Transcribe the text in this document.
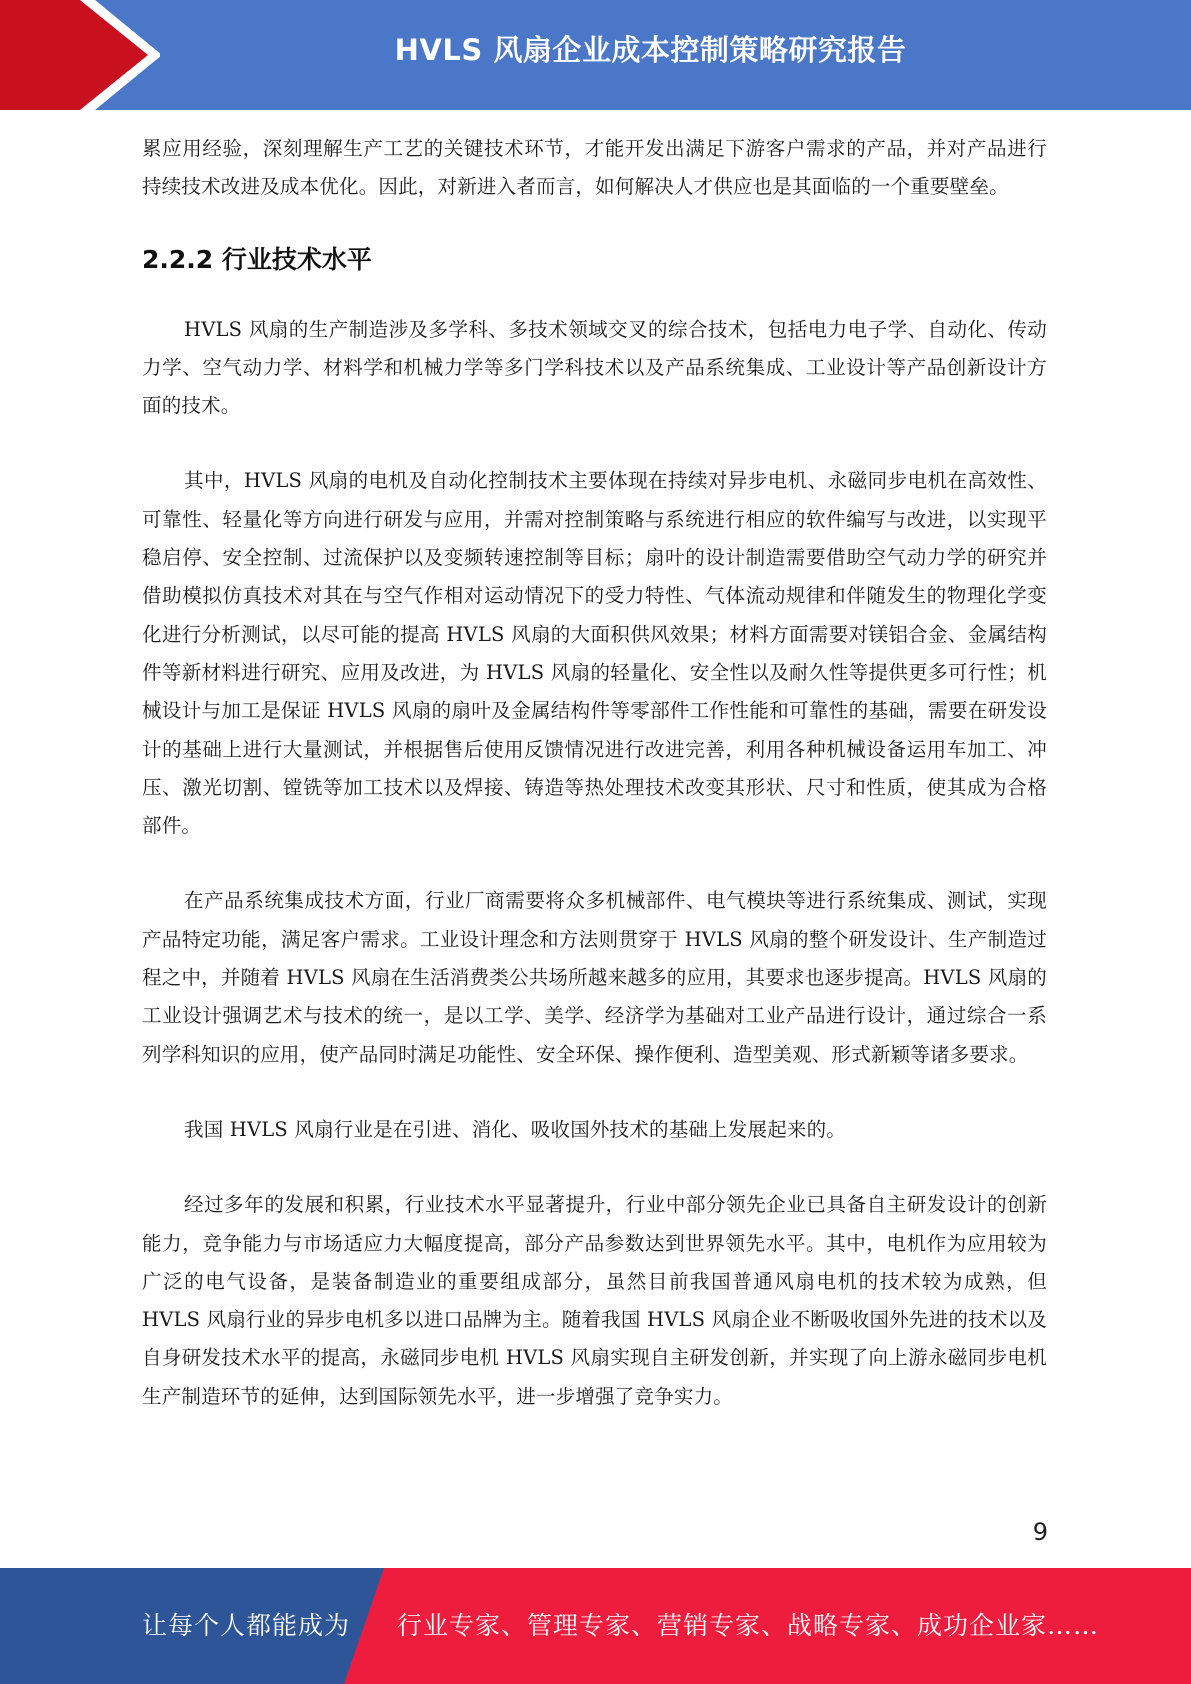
HVLS 风扇企业成本控制策略研究报告

累应用经验，深刻理解生产工艺的关键技术环节，才能开发出满足下游客户需求的产品，并对产品进行持续技术改进及成本优化。因此，对新进入者而言，如何解决人才供应也是其面临的一个重要壁垒。

2.2.2 行业技术水平

HVLS 风扇的生产制造涉及多学科、多技术领域交叉的综合技术，包括电力电子学、自动化、传动力学、空气动力学、材料学和机械力学等多门学科技术以及产品系统集成、工业设计等产品创新设计方面的技术。

其中，HVLS 风扇的电机及自动化控制技术主要体现在持续对异步电机、永磁同步电机在高效性、可靠性、轻量化等方向进行研发与应用，并需对控制策略与系统进行相应的软件编写与改进，以实现平稳启停、安全控制、过流保护以及变频转速控制等目标；扇叶的设计制造需要借助空气动力学的研究并借助模拟仿真技术对其在与空气作相对运动情况下的受力特性、气体流动规律和伴随发生的物理化学变化进行分析测试，以尽可能的提高 HVLS 风扇的大面积供风效果；材料方面需要对镁铝合金、金属结构件等新材料进行研究、应用及改进，为 HVLS 风扇的轻量化、安全性以及耐久性等提供更多可行性；机械设计与加工是保证 HVLS 风扇的扇叶及金属结构件等零部件工作性能和可靠性的基础，需要在研发设计的基础上进行大量测试，并根据售后使用反馈情况进行改进完善，利用各种机械设备运用车加工、冲压、激光切割、镗铣等加工技术以及焊接、铸造等热处理技术改变其形状、尺寸和性质，使其成为合格部件。

在产品系统集成技术方面，行业厂商需要将众多机械部件、电气模块等进行系统集成、测试，实现产品特定功能，满足客户需求。工业设计理念和方法则贯穿于 HVLS 风扇的整个研发设计、生产制造过程之中，并随着 HVLS 风扇在生活消费类公共场所越来越多的应用，其要求也逐步提高。HVLS 风扇的工业设计强调艺术与技术的统一，是以工学、美学、经济学为基础对工业产品进行设计，通过综合一系列学科知识的应用，使产品同时满足功能性、安全环保、操作便利、造型美观、形式新颖等诸多要求。

我国 HVLS 风扇行业是在引进、消化、吸收国外技术的基础上发展起来的。

经过多年的发展和积累，行业技术水平显著提升，行业中部分领先企业已具备自主研发设计的创新能力，竞争能力与市场适应力大幅度提高，部分产品参数达到世界领先水平。其中，电机作为应用较为广泛的电气设备，是装备制造业的重要组成部分，虽然目前我国普通风扇电机的技术较为成熟，但 HVLS 风扇行业的异步电机多以进口品牌为主。随着我国 HVLS 风扇企业不断吸收国外先进的技术以及自身研发技术水平的提高，永磁同步电机 HVLS 风扇实现自主研发创新，并实现了向上游永磁同步电机生产制造环节的延伸，达到国际领先水平，进一步增强了竞争实力。

9
让每个人都能成为 行业专家、管理专家、营销专家、战略专家、成功企业家……
